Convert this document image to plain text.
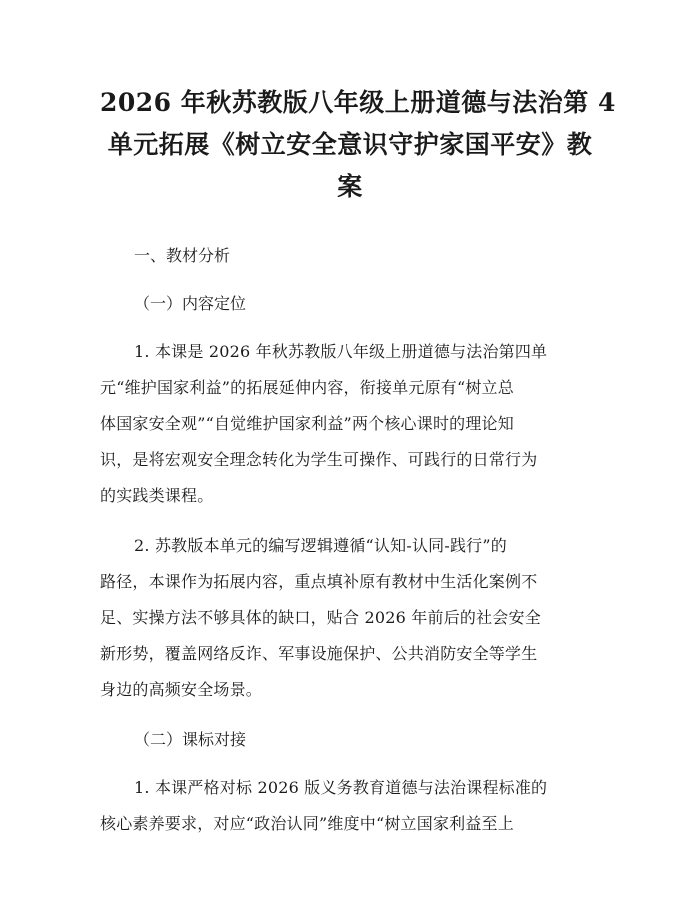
2026 年秋苏教版八年级上册道德与法治第 4
单元拓展《树立安全意识守护家国平安》教
案
一、教材分析
（一）内容定位

1. 本课是 2026 年秋苏教版八年级上册道德与法治第四单
元“维护国家利益”的拓展延伸内容，衔接单元原有“树立总
体国家安全观”“自觉维护国家利益”两个核心课时的理论知
识，是将宏观安全理念转化为学生可操作、可践行的日常行为
的实践类课程。

2. 苏教版本单元的编写逻辑遵循“认知-认同-践行”的
路径，本课作为拓展内容，重点填补原有教材中生活化案例不
足、实操方法不够具体的缺口，贴合 2026 年前后的社会安全
新形势，覆盖网络反诈、军事设施保护、公共消防安全等学生
身边的高频安全场景。

（二）课标对接

1. 本课严格对标 2026 版义务教育道德与法治课程标准的
核心素养要求，对应“政治认同”维度中“树立国家利益至上
